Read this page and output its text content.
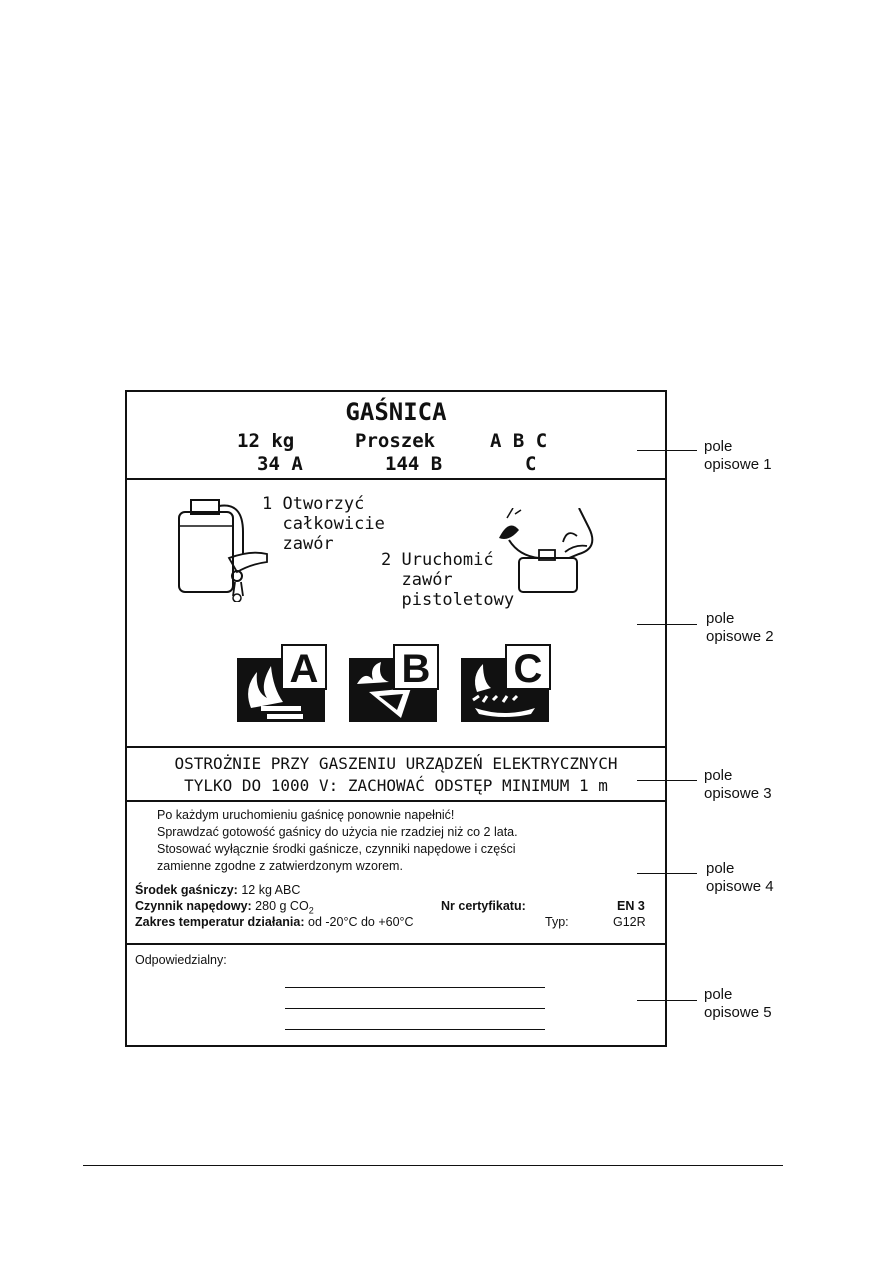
GAŚNICA
12 kg	Proszek	A B C
34 A	144 B	C
1 Otworzyć
całkowicie
zawór
2 Uruchomić
zawór
pistoletowy
A B C
OSTROŻNIE PRZY GASZENIU URZĄDZEŃ ELEKTRYCZNYCH
TYLKO DO 1000 V: ZACHOWAĆ ODSTĘP MINIMUM 1 m
Po każdym uruchomieniu gaśnicę ponownie napełnić!
Sprawdzać gotowość gaśnicy do użycia nie rzadziej niż co 2 lata.
Stosować wyłącznie środki gaśnicze, czynniki napędowe i części
zamienne zgodne z zatwierdzonym wzorem.
Środek gaśniczy: 12 kg ABC
Czynnik napędowy: 280 g $CO_2$	Nr certyfikatu:	EN 3
Zakres temperatur działania: od -20°C do +60°C	Typ:	G12R
Odpowiedzialny:
pole
opisowe 1
pole
opisowe 2
pole
opisowe 3
pole
opisowe 4
pole
opisowe 5
